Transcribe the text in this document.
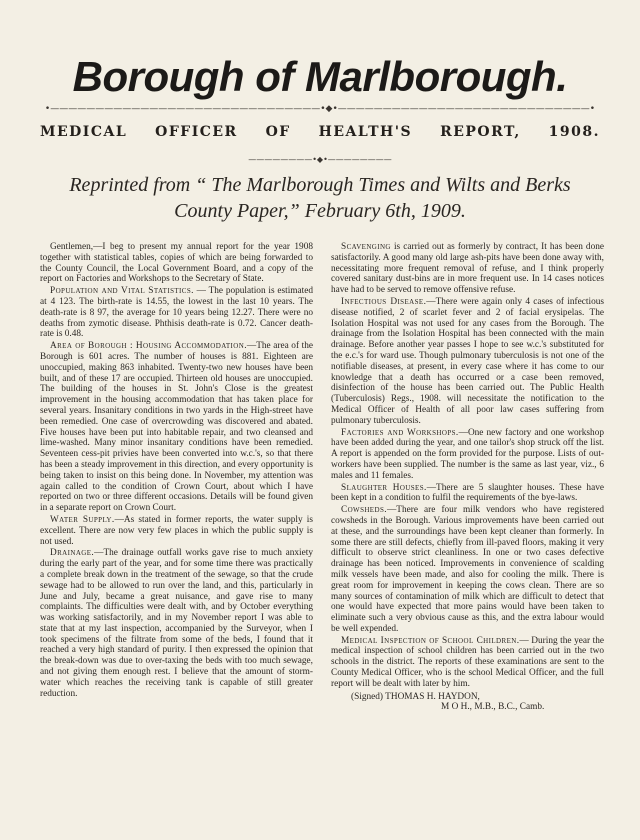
Borough of Marlborough.
•——————————————————————————————•◆•————————————————————————————•
MEDICAL OFFICER OF HEALTH'S REPORT, 1908.
————————•◆•————————
Reprinted from “ The Marlborough Times and Wilts and Berks
County Paper,” February 6th, 1909.

Gentlemen,—I beg to present my annual report for the year 1908 together with statistical tables, copies of which are being forwarded to the County Council, the Local Government Board, and a copy of the report on Factories and Workshops to the Secretary of State.

Population and Vital Statistics. — The population is estimated at 4 123. The birth-rate is 14.55, the lowest in the last 10 years. The death-rate is 8 97, the average for 10 years being 12.27. There were no deaths from zymotic disease. Phthisis death-rate is 0.72. Cancer death-rate is 0.48.

Area of Borough : Housing Accommodation.—The area of the Borough is 601 acres. The number of houses is 881. Eighteen are unoccupied, making 863 inhabited. Twenty-two new houses have been built, and of these 17 are occupied. Thirteen old houses are unoccupied. The building of the houses in St. John's Close is the greatest improvement in the housing accommodation that has taken place for several years. Insanitary conditions in two yards in the High-street have been remedied. One case of overcrowding was discovered and abated. Five houses have been put into habitable repair, and two cleansed and lime-washed. Many minor insanitary conditions have been remedied. Seventeen cess-pit privies have been converted into w.c.'s, so that there has been a steady improvement in this direction, and every opportunity is being taken to insist on this being done. In November, my attention was again called to the condition of Crown Court, about which I have reported on two or three different occasions. Details will be found given in a separate report on Crown Court.

Water Supply.—As stated in former reports, the water supply is excellent. There are now very few places in which the public supply is not used.

Drainage.—The drainage outfall works gave rise to much anxiety during the early part of the year, and for some time there was practically a complete break down in the treatment of the sewage, so that the crude sewage had to be allowed to run over the land, and this, particularly in June and July, became a great nuisance, and gave rise to many complaints. The difficulties were dealt with, and by October everything was working satisfactorily, and in my November report I was able to state that at my last inspection, accompanied by the Surveyor, when I took specimens of the filtrate from some of the beds, I found that it reached a very high standard of purity. I then expressed the opinion that the break-down was due to over-taxing the beds with too much sewage, and not giving them enough rest. I believe that the amount of storm-water which reaches the receiving tank is capable of still greater reduction.

Scavenging is carried out as formerly by contract, It has been done satisfactorily. A good many old large ash-pits have been done away with, necessitating more frequent removal of refuse, and I think properly covered sanitary dust-bins are in more frequent use. In 14 cases notices have had to be served to remove offensive refuse.

Infectious Disease.—There were again only 4 cases of infectious disease notified, 2 of scarlet fever and 2 of facial erysipelas. The Isolation Hospital was not used for any cases from the Borough. The drainage from the Isolation Hospital has been connected with the main drainage. Before another year passes I hope to see w.c.'s substituted for the e.c.'s for ward use. Though pulmonary tuberculosis is not one of the notifiable diseases, at present, in every case where it has come to our knowledge that a death has occurred or a case been removed, disinfection of the house has been carried out. The Public Health (Tuberculosis) Regs., 1908. will necessitate the notification to the Medical Officer of Health of all poor law cases suffering from pulmonary tuberculosis.

Factories and Workshops.—One new factory and one workshop have been added during the year, and one tailor's shop struck off the list. A report is appended on the form provided for the purpose. Lists of out-workers have been supplied. The number is the same as last year, viz., 6 males and 11 females.

Slaughter Houses.—There are 5 slaughter houses. These have been kept in a condition to fulfil the requirements of the bye-laws.

Cowsheds.—There are four milk vendors who have registered cowsheds in the Borough. Various improvements have been carried out at these, and the surroundings have been kept cleaner than formerly. In some there are still defects, chiefly from ill-paved floors, making it very difficult to observe strict cleanliness. In one or two cases defective drainage has been noticed. Improvements in convenience of scalding milk vessels have been made, and also for cooling the milk. There is great room for improvement in keeping the cows clean. There are so many sources of contamination of milk which are difficult to detect that one would have expected that more pains would have been taken to eliminate such a very obvious cause as this, and the extra labour would be well expended.

Medical Inspection of School Children.— During the year the medical inspection of school children has been carried out in the two schools in the district. The reports of these examinations are sent to the County Medical Officer, who is the school Medical Officer, and the full report will be dealt with later by him.

(Signed) THOMAS H. HAYDON,
M O H., M.B., B.C., Camb.
